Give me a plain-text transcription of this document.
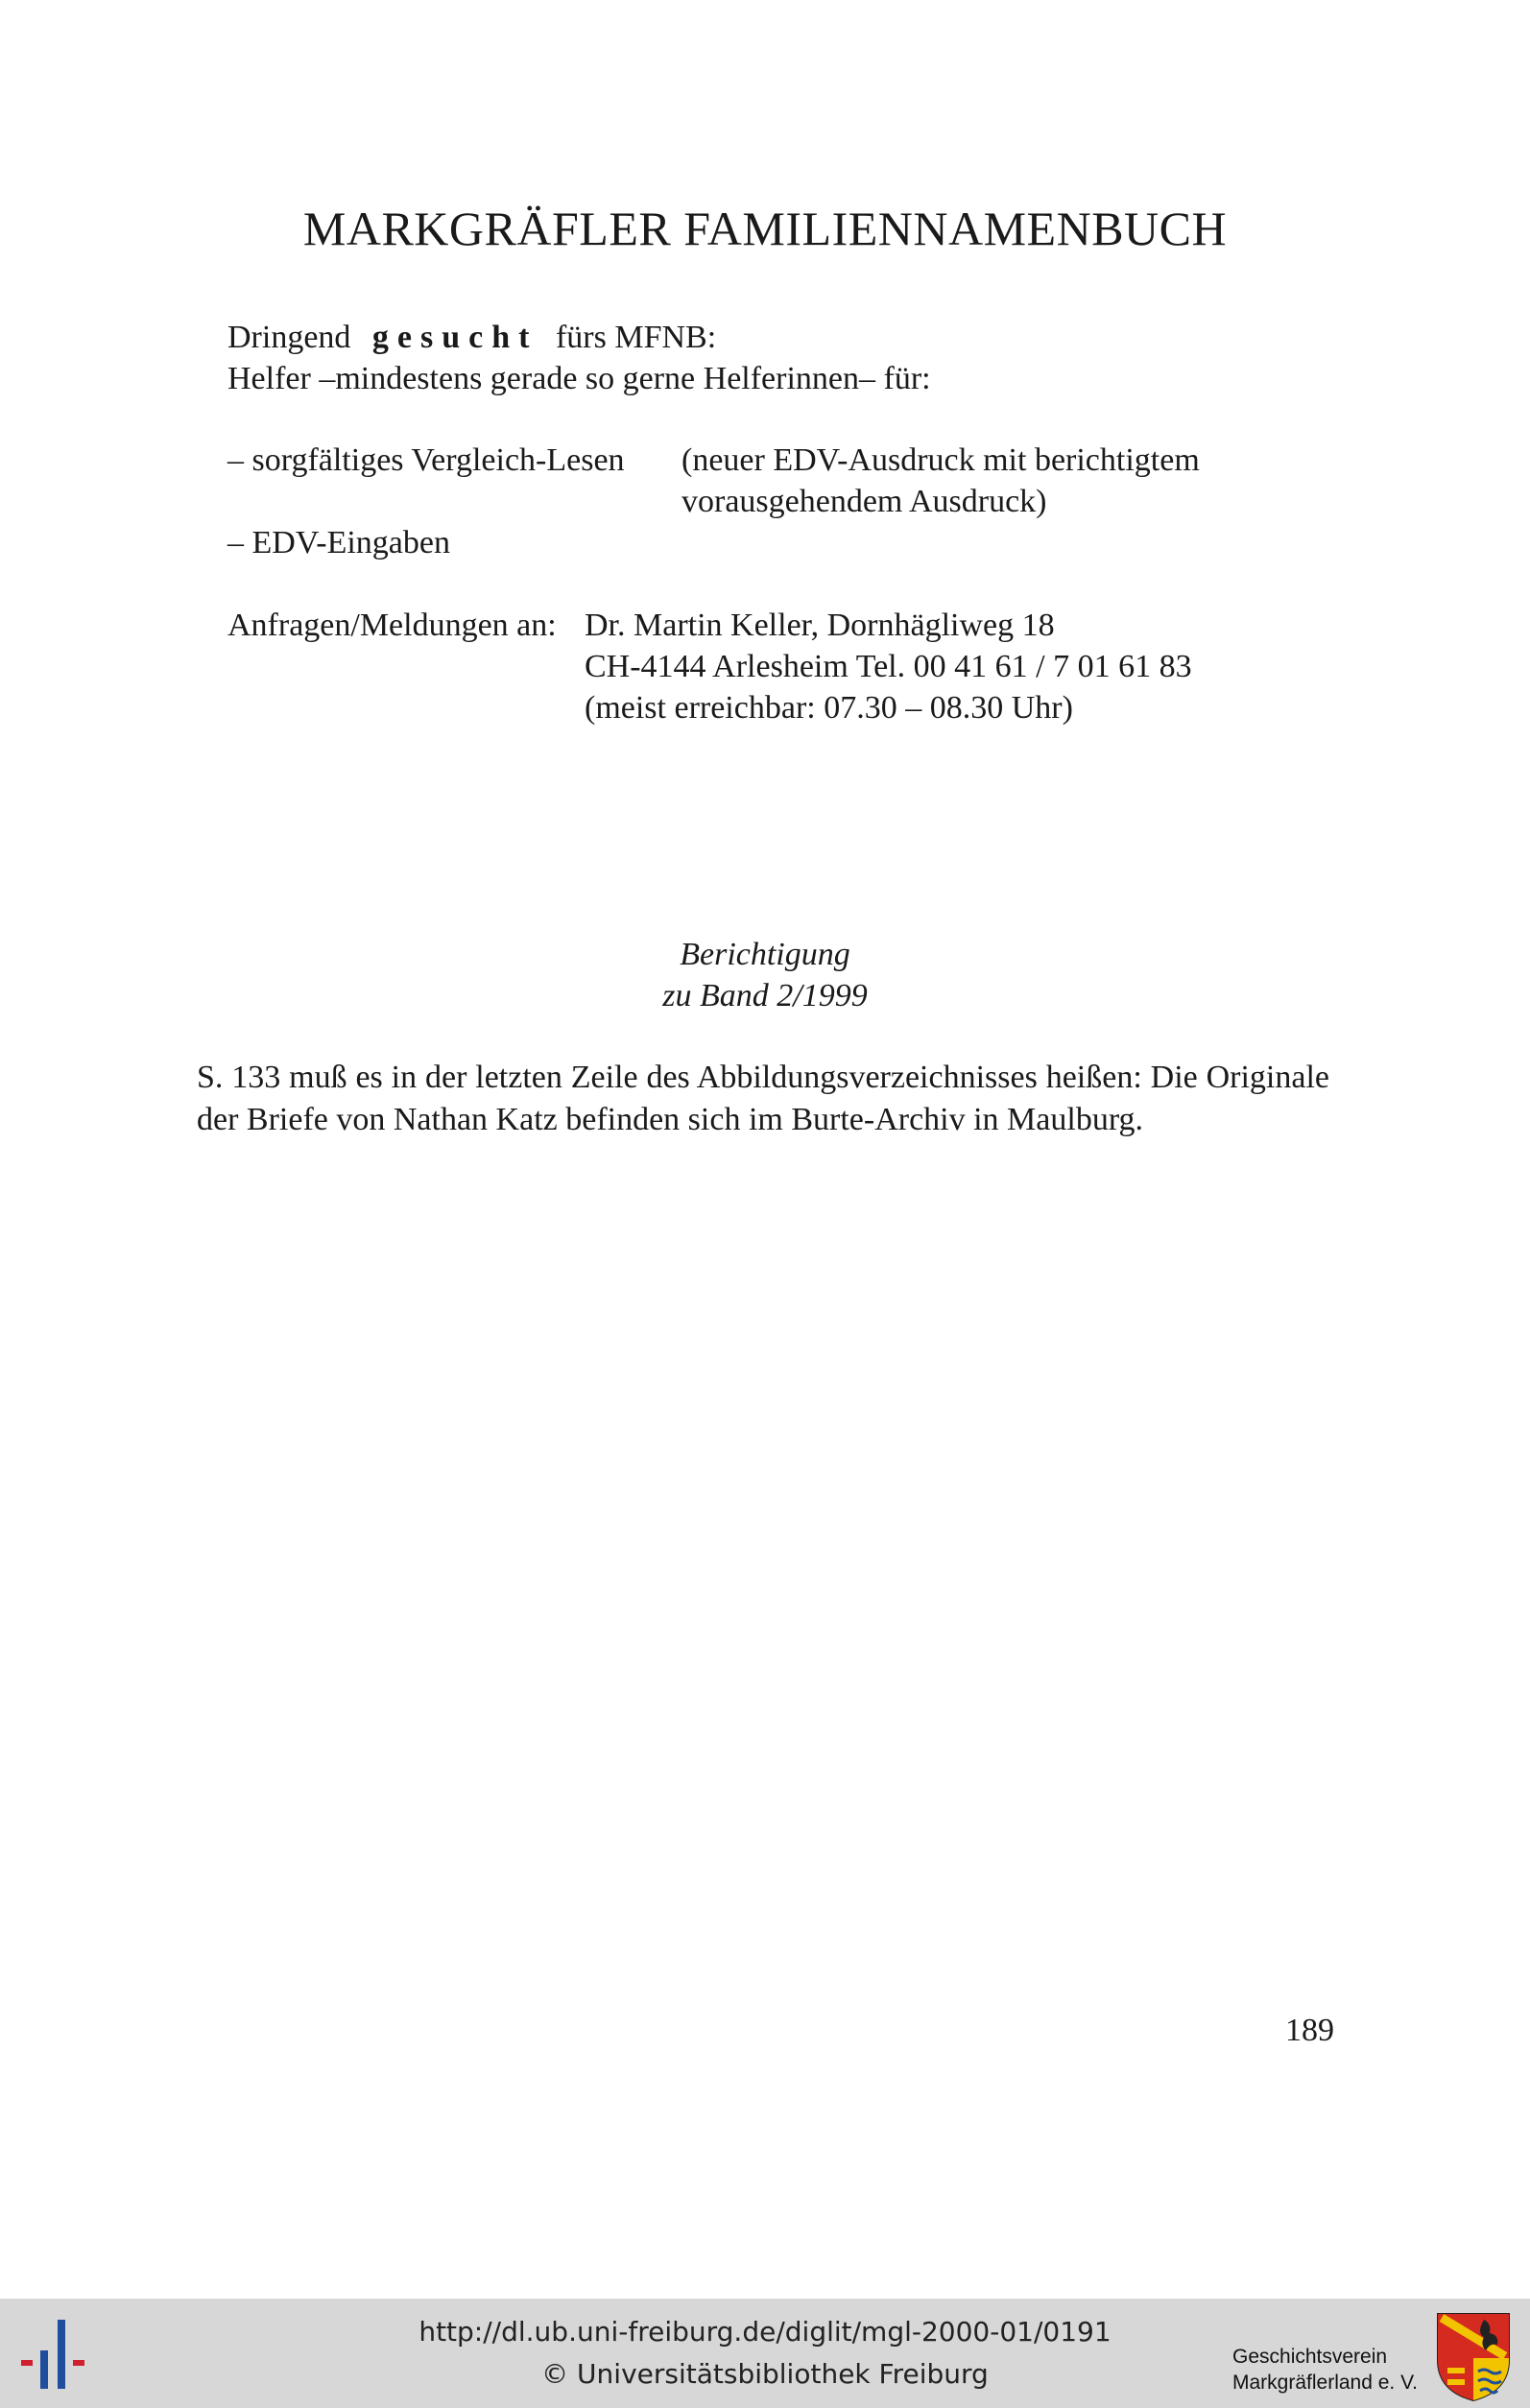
MARKGRÄFLER FAMILIENNAMENBUCH
Dringend gesucht fürs MFNB:
Helfer –mindestens gerade so gerne Helferinnen– für:
– sorgfältiges Vergleich-Lesen (neuer EDV-Ausdruck mit berichtigtem
vorausgehendem Ausdruck)
– EDV-Eingaben
Anfragen/Meldungen an: Dr. Martin Keller, Dornhägliweg 18
CH-4144 Arlesheim Tel. 00 41 61 / 7 01 61 83
(meist erreichbar: 07.30 – 08.30 Uhr)
Berichtigung
zu Band 2/1999
S. 133 muß es in der letzten Zeile des Abbildungsverzeichnisses heißen: Die Originale der Briefe von Nathan Katz befinden sich im Burte-Archiv in Maulburg.
189
http://dl.ub.uni-freiburg.de/diglit/mgl-2000-01/0191
© Universitätsbibliothek Freiburg
Geschichtsverein
Markgräflerland e. V.
